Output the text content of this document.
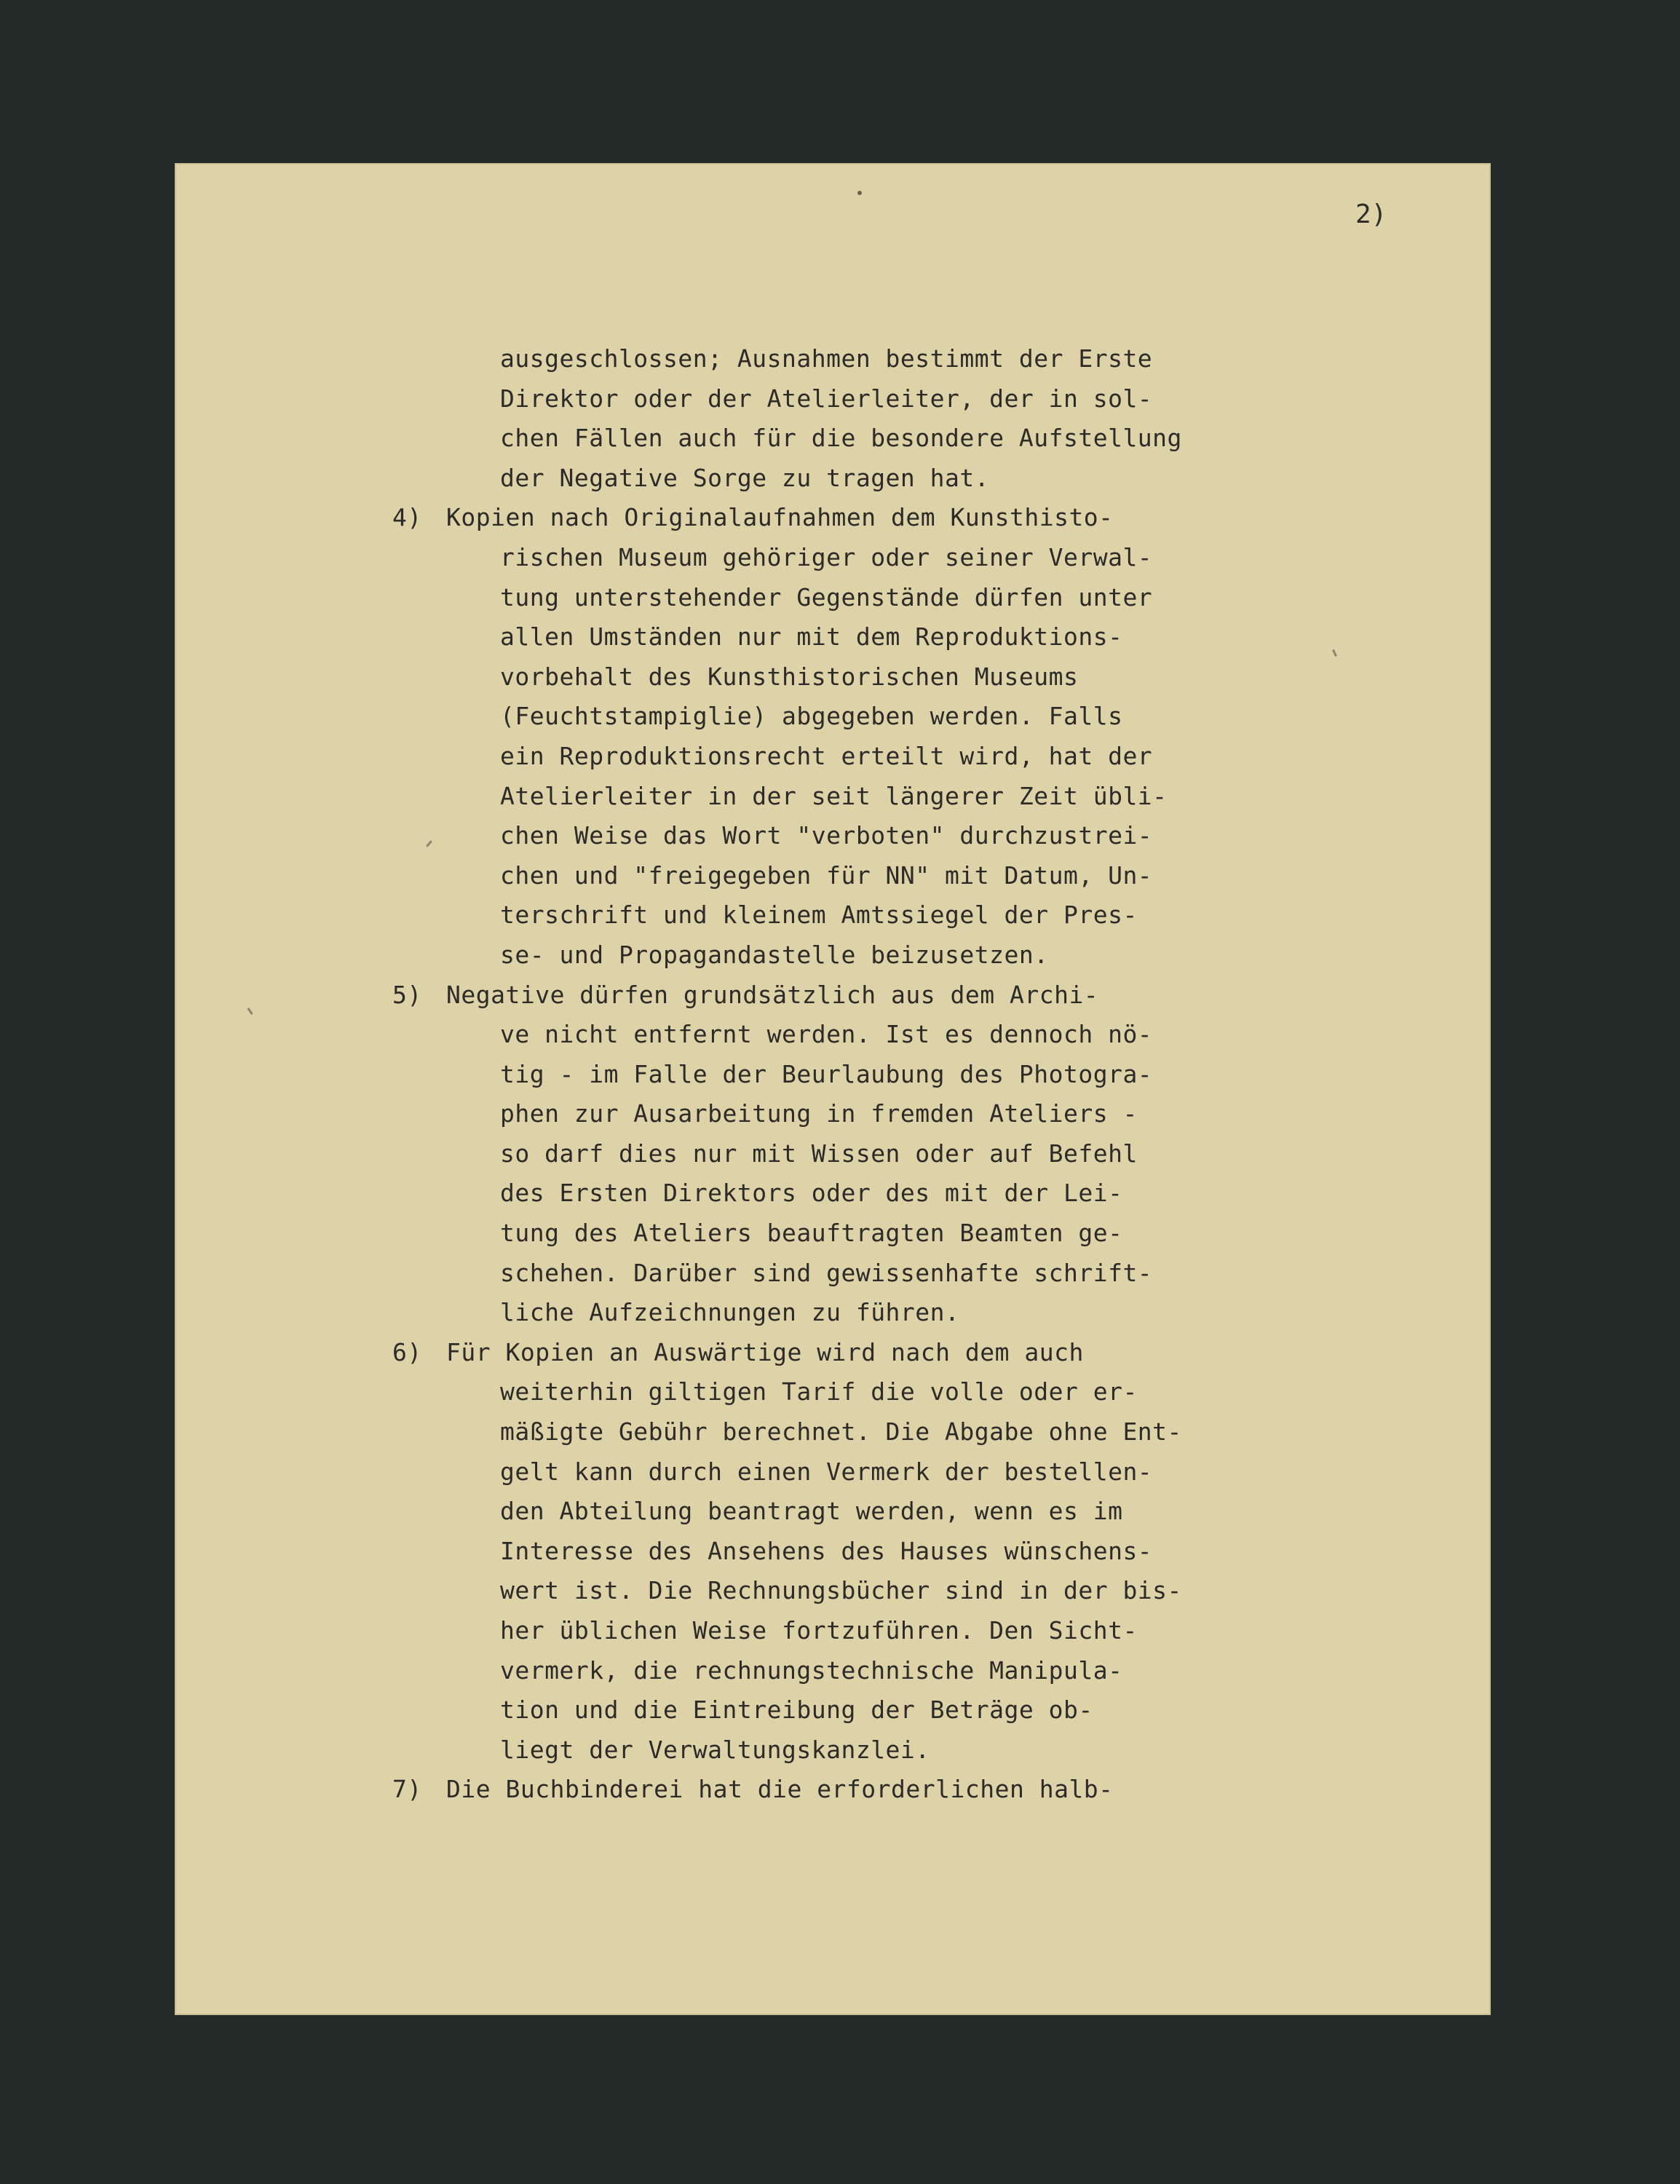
2)
ausgeschlossen; Ausnahmen bestimmt der Erste
Direktor oder der Atelierleiter, der in sol-
chen Fällen auch für die besondere Aufstellung
der Negative Sorge zu tragen hat.
4) Kopien nach Originalaufnahmen dem Kunsthisto-
rischen Museum gehöriger oder seiner Verwal-
tung unterstehender Gegenstände dürfen unter
allen Umständen nur mit dem Reproduktions-
vorbehalt des Kunsthistorischen Museums
(Feuchtstampiglie) abgegeben werden. Falls
ein Reproduktionsrecht erteilt wird, hat der
Atelierleiter in der seit längerer Zeit übli-
chen Weise das Wort "verboten" durchzustrei-
chen und "freigegeben für NN" mit Datum, Un-
terschrift und kleinem Amtssiegel der Pres-
se- und Propagandastelle beizusetzen.
5) Negative dürfen grundsätzlich aus dem Archi-
ve nicht entfernt werden. Ist es dennoch nö-
tig - im Falle der Beurlaubung des Photogra-
phen zur Ausarbeitung in fremden Ateliers -
so darf dies nur mit Wissen oder auf Befehl
des Ersten Direktors oder des mit der Lei-
tung des Ateliers beauftragten Beamten ge-
schehen. Darüber sind gewissenhafte schrift-
liche Aufzeichnungen zu führen.
6) Für Kopien an Auswärtige wird nach dem auch
weiterhin giltigen Tarif die volle oder er-
mäßigte Gebühr berechnet. Die Abgabe ohne Ent-
gelt kann durch einen Vermerk der bestellen-
den Abteilung beantragt werden, wenn es im
Interesse des Ansehens des Hauses wünschens-
wert ist. Die Rechnungsbücher sind in der bis-
her üblichen Weise fortzuführen. Den Sicht-
vermerk, die rechnungstechnische Manipula-
tion und die Eintreibung der Beträge ob-
liegt der Verwaltungskanzlei.
7) Die Buchbinderei hat die erforderlichen halb-
